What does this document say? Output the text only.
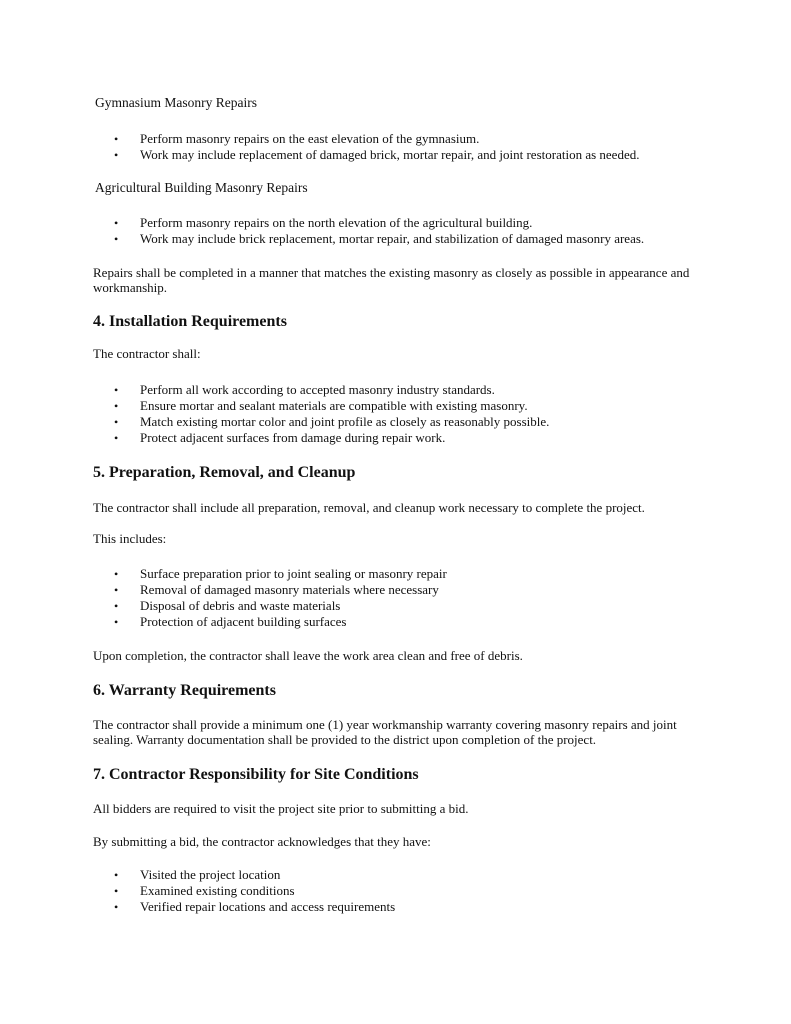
Gymnasium Masonry Repairs

• Perform masonry repairs on the east elevation of the gymnasium.
• Work may include replacement of damaged brick, mortar repair, and joint restoration as needed.

Agricultural Building Masonry Repairs

• Perform masonry repairs on the north elevation of the agricultural building.
• Work may include brick replacement, mortar repair, and stabilization of damaged masonry areas.

Repairs shall be completed in a manner that matches the existing masonry as closely as possible in appearance and workmanship.

4. Installation Requirements

The contractor shall:

• Perform all work according to accepted masonry industry standards.
• Ensure mortar and sealant materials are compatible with existing masonry.
• Match existing mortar color and joint profile as closely as reasonably possible.
• Protect adjacent surfaces from damage during repair work.
5. Preparation, Removal, and Cleanup

The contractor shall include all preparation, removal, and cleanup work necessary to complete the project.

This includes:

• Surface preparation prior to joint sealing or masonry repair
• Removal of damaged masonry materials where necessary
• Disposal of debris and waste materials
• Protection of adjacent building surfaces

Upon completion, the contractor shall leave the work area clean and free of debris.

6. Warranty Requirements

The contractor shall provide a minimum one (1) year workmanship warranty covering masonry repairs and joint sealing. Warranty documentation shall be provided to the district upon completion of the project.

7. Contractor Responsibility for Site Conditions

All bidders are required to visit the project site prior to submitting a bid.

By submitting a bid, the contractor acknowledges that they have:

• Visited the project location
• Examined existing conditions
• Verified repair locations and access requirements
